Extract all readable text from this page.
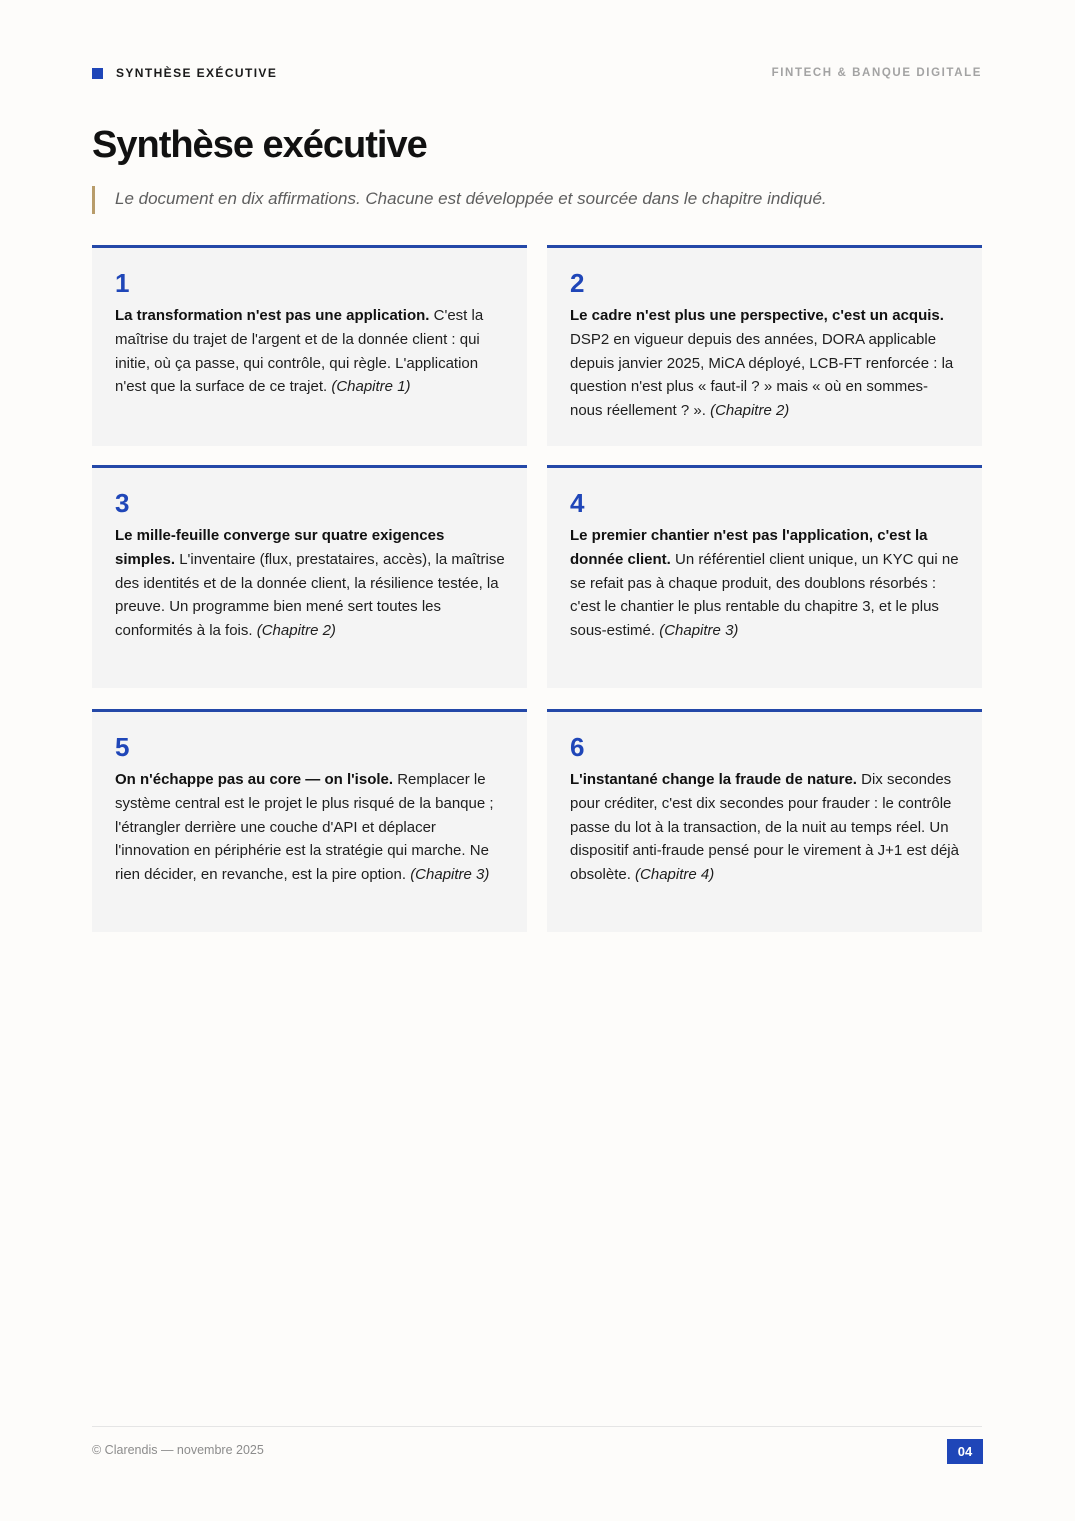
SYNTHÈSE EXÉCUTIVE	FINTECH & BANQUE DIGITALE
Synthèse exécutive
Le document en dix affirmations. Chacune est développée et sourcée dans le chapitre indiqué.
1
La transformation n'est pas une application. C'est la maîtrise du trajet de l'argent et de la donnée client : qui initie, où ça passe, qui contrôle, qui règle. L'application n'est que la surface de ce trajet. (Chapitre 1)
2
Le cadre n'est plus une perspective, c'est un acquis. DSP2 en vigueur depuis des années, DORA applicable depuis janvier 2025, MiCA déployé, LCB-FT renforcée : la question n'est plus « faut-il ? » mais « où en sommes-nous réellement ? ». (Chapitre 2)
3
Le mille-feuille converge sur quatre exigences simples. L'inventaire (flux, prestataires, accès), la maîtrise des identités et de la donnée client, la résilience testée, la preuve. Un programme bien mené sert toutes les conformités à la fois. (Chapitre 2)
4
Le premier chantier n'est pas l'application, c'est la donnée client. Un référentiel client unique, un KYC qui ne se refait pas à chaque produit, des doublons résorbés : c'est le chantier le plus rentable du chapitre 3, et le plus sous-estimé. (Chapitre 3)
5
On n'échappe pas au core — on l'isole. Remplacer le système central est le projet le plus risqué de la banque ; l'étrangler derrière une couche d'API et déplacer l'innovation en périphérie est la stratégie qui marche. Ne rien décider, en revanche, est la pire option. (Chapitre 3)
6
L'instantané change la fraude de nature. Dix secondes pour créditer, c'est dix secondes pour frauder : le contrôle passe du lot à la transaction, de la nuit au temps réel. Un dispositif anti-fraude pensé pour le virement à J+1 est déjà obsolète. (Chapitre 4)
© Clarendis — novembre 2025	04
